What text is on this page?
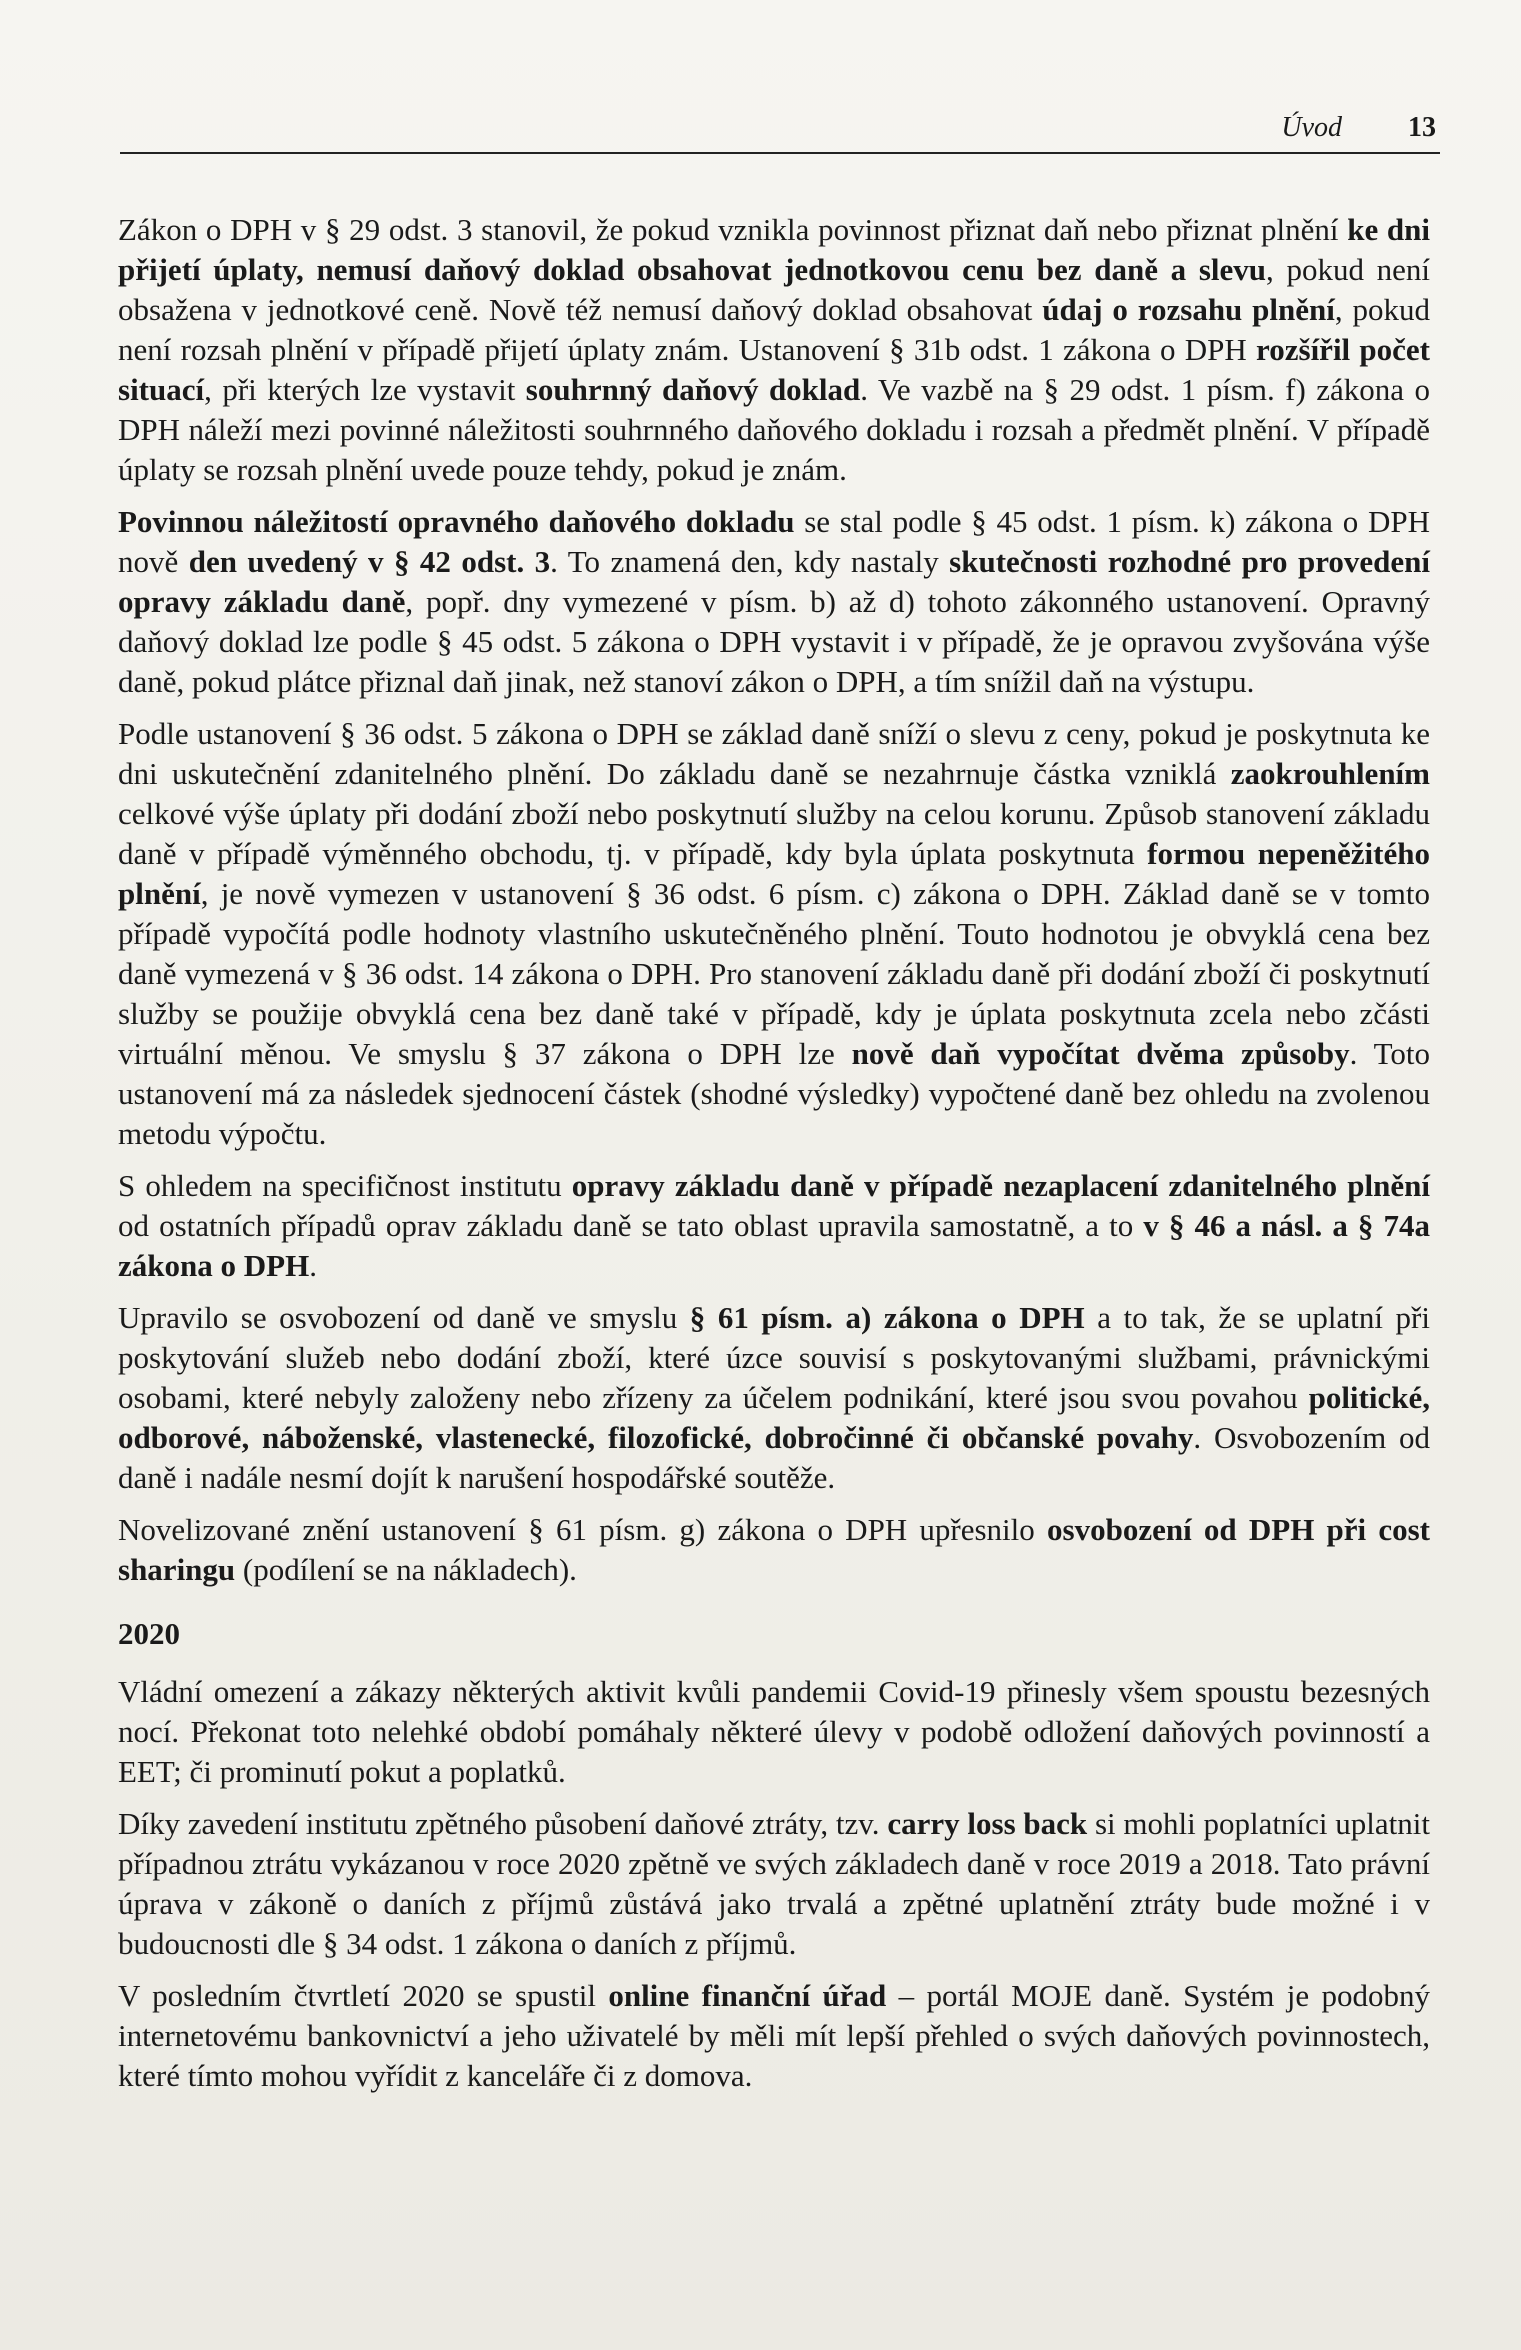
Úvod 13

Zákon o DPH v § 29 odst. 3 stanovil, že pokud vznikla povinnost přiznat daň nebo přiznat plnění ke dni přijetí úplaty, nemusí daňový doklad obsahovat jednotkovou cenu bez daně a slevu, pokud není obsažena v jednotkové ceně. Nově též nemusí daňový doklad obsahovat údaj o rozsahu plnění, pokud není rozsah plnění v případě přijetí úplaty znám. Ustanovení § 31b odst. 1 zákona o DPH rozšířil počet situací, při kterých lze vystavit souhrnný daňový doklad. Ve vazbě na § 29 odst. 1 písm. f) zákona o DPH náleží mezi povinné náležitosti souhrnného daňového dokladu i rozsah a předmět plnění. V případě úplaty se rozsah plnění uvede pouze tehdy, pokud je znám.

Povinnou náležitostí opravného daňového dokladu se stal podle § 45 odst. 1 písm. k) zákona o DPH nově den uvedený v § 42 odst. 3. To znamená den, kdy nastaly skutečnosti rozhodné pro provedení opravy základu daně, popř. dny vymezené v písm. b) až d) tohoto zákonného ustanovení. Opravný daňový doklad lze podle § 45 odst. 5 zákona o DPH vystavit i v případě, že je opravou zvyšována výše daně, pokud plátce přiznal daň jinak, než stanoví zákon o DPH, a tím snížil daň na výstupu.

Podle ustanovení § 36 odst. 5 zákona o DPH se základ daně sníží o slevu z ceny, pokud je poskytnuta ke dni uskutečnění zdanitelného plnění. Do základu daně se nezahrnuje částka vzniklá zaokrouhlením celkové výše úplaty při dodání zboží nebo poskytnutí služby na celou korunu. Způsob stanovení základu daně v případě výměnného obchodu, tj. v případě, kdy byla úplata poskytnuta formou nepeněžitého plnění, je nově vymezen v ustanovení § 36 odst. 6 písm. c) zákona o DPH. Základ daně se v tomto případě vypočítá podle hodnoty vlastního uskutečněného plnění. Touto hodnotou je obvyklá cena bez daně vymezená v § 36 odst. 14 zákona o DPH. Pro stanovení základu daně při dodání zboží či poskytnutí služby se použije obvyklá cena bez daně také v případě, kdy je úplata poskytnuta zcela nebo zčásti virtuální měnou. Ve smyslu § 37 zákona o DPH lze nově daň vypočítat dvěma způsoby. Toto ustanovení má za následek sjednocení částek (shodné výsledky) vypočtené daně bez ohledu na zvolenou metodu výpočtu.

S ohledem na specifičnost institutu opravy základu daně v případě nezaplacení zdanitelného plnění od ostatních případů oprav základu daně se tato oblast upravila samostatně, a to v § 46 a násl. a § 74a zákona o DPH.

Upravilo se osvobození od daně ve smyslu § 61 písm. a) zákona o DPH a to tak, že se uplatní při poskytování služeb nebo dodání zboží, které úzce souvisí s poskytovanými službami, právnickými osobami, které nebyly založeny nebo zřízeny za účelem podnikání, které jsou svou povahou politické, odborové, náboženské, vlastenecké, filozofické, dobročinné či občanské povahy. Osvobozením od daně i nadále nesmí dojít k narušení hospodářské soutěže.

Novelizované znění ustanovení § 61 písm. g) zákona o DPH upřesnilo osvobození od DPH při cost sharingu (podílení se na nákladech).

2020

Vládní omezení a zákazy některých aktivit kvůli pandemii Covid-19 přinesly všem spoustu bezesných nocí. Překonat toto nelehké období pomáhaly některé úlevy v podobě odložení daňových povinností a EET; či prominutí pokut a poplatků.

Díky zavedení institutu zpětného působení daňové ztráty, tzv. carry loss back si mohli poplatníci uplatnit případnou ztrátu vykázanou v roce 2020 zpětně ve svých základech daně v roce 2019 a 2018. Tato právní úprava v zákoně o daních z příjmů zůstává jako trvalá a zpětné uplatnění ztráty bude možné i v budoucnosti dle § 34 odst. 1 zákona o daních z příjmů.

V posledním čtvrtletí 2020 se spustil online finanční úřad – portál MOJE daně. Systém je podobný internetovému bankovnictví a jeho uživatelé by měli mít lepší přehled o svých daňových povinnostech, které tímto mohou vyřídit z kanceláře či z domova.
